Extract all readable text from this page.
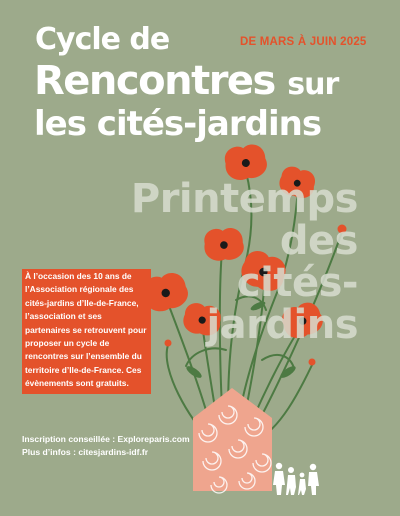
Cycle de
Rencontres sur
les cités-jardins
DE MARS À JUIN 2025
Printemps
des
cités-
jardins
À l’occasion des 10 ans de l’Association régionale des cités-jardins d’Ile-de-France, l’association et ses partenaires se retrouvent pour proposer un cycle de rencontres sur l’ensemble du territoire d’Ile-de-France. Ces évènements sont gratuits.
Inscription conseillée : Exploreparis.com
Plus d’infos : citesjardins-idf.fr
